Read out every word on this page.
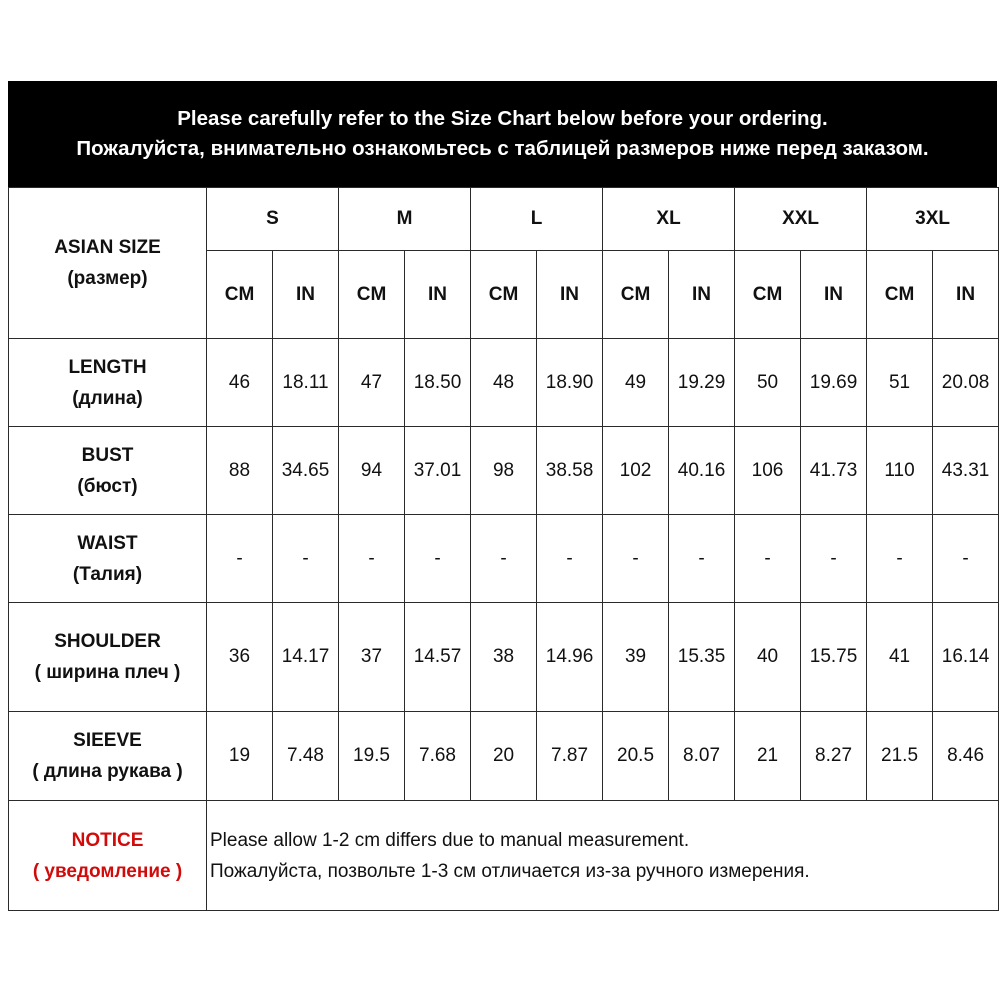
Please carefully refer to the Size Chart below before your ordering.
Пожалуйста, внимательно ознакомьтесь с таблицей размеров ниже перед заказом.
ASIAN SIZE
(размер)	S		M		L		XL		XXL		3XL	
	CM	IN	CM	IN	CM	IN	CM	IN	CM	IN	CM	IN

LENGTH
(длина)	46	18.11	47	18.50	48	18.90	49	19.29	50	19.69	51	20.08

BUST
(бюст)	88	34.65	94	37.01	98	38.58	102	40.16	106	41.73	110	43.31

WAIST
(Талия)	-	-	-	-	-	-	-	-	-	-	-	-

SHOULDER
( ширина плеч )	36	14.17	37	14.57	38	14.96	39	15.35	40	15.75	41	16.14

SIEEVE
( длина рукава )	19	7.48	19.5	7.68	20	7.87	20.5	8.07	21	8.27	21.5	8.46

NOTICE
( уведомление )	Please allow 1-2 cm differs due to manual measurement.
Пожалуйста, позвольте 1-3 см отличается из-за ручного измерения.											
